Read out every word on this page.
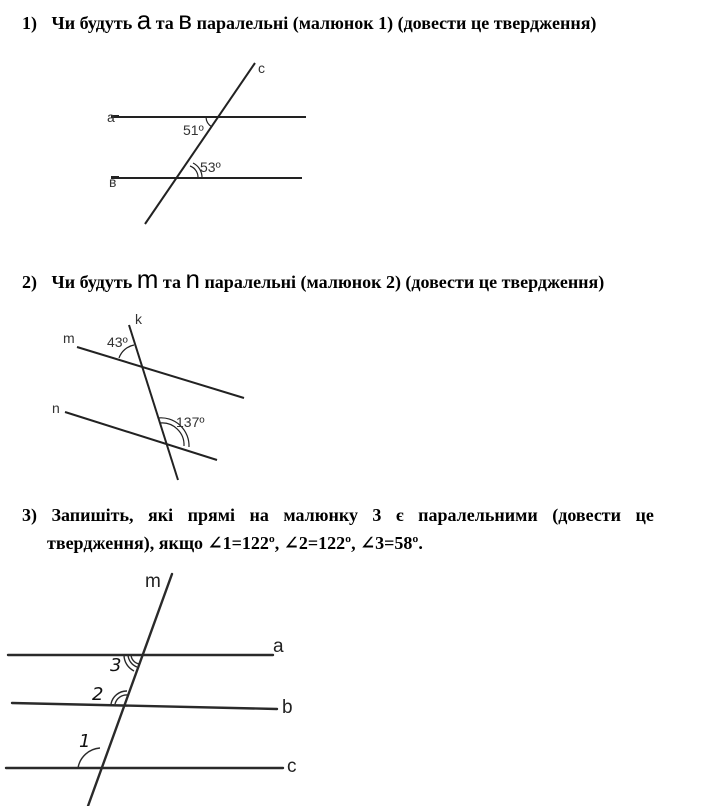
1) Чи будуть a та в паралельні (малюнок 1) (довести це твердження)
a
в
c
51º
53º
2) Чи будуть m та n паралельні (малюнок 2) (довести це твердження)
m
n
k
43º
137º
3) Запишіть, які прямі на малюнку 3 є паралельними (довести це
твердження), якщо ∠1=122º, ∠2=122º, ∠3=58º.
m
a
b
c
3
2
1
